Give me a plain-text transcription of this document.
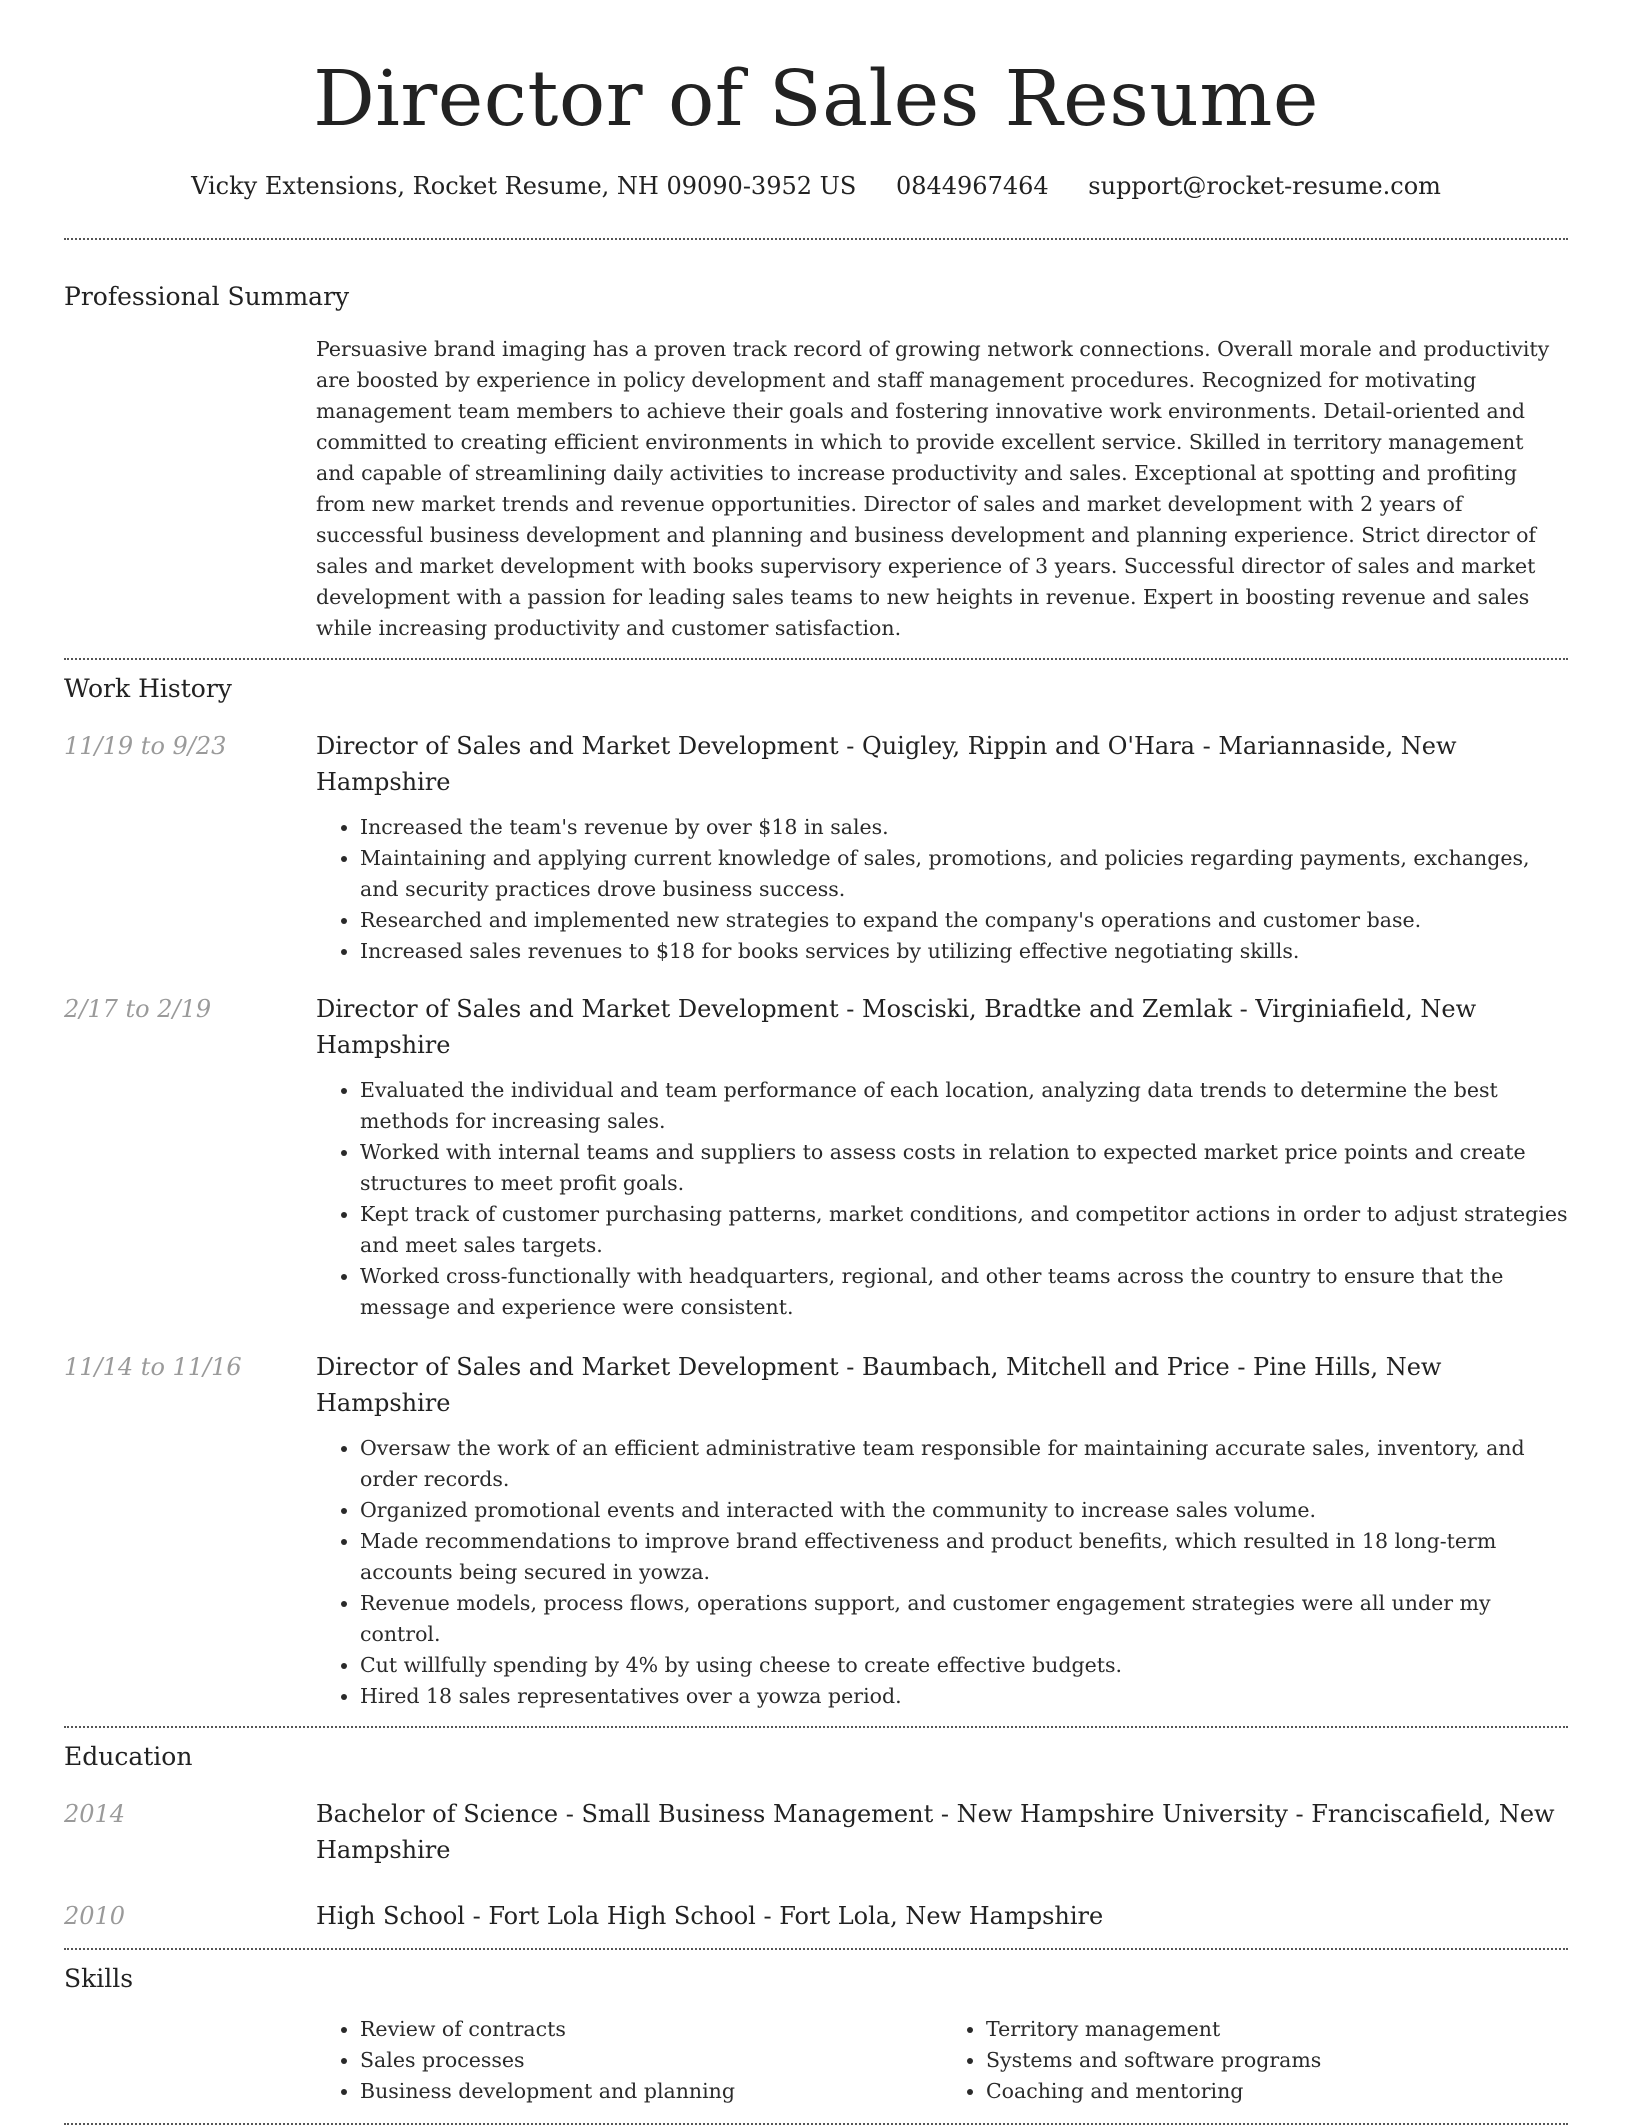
Director of Sales Resume
Vicky Extensions, Rocket Resume, NH 09090-3952 US 0844967464 support@rocket-resume.com
Professional Summary
Persuasive brand imaging has a proven track record of growing network connections. Overall morale and productivity are boosted by experience in policy development and staff management procedures. Recognized for motivating management team members to achieve their goals and fostering innovative work environments. Detail-oriented and committed to creating efficient environments in which to provide excellent service. Skilled in territory management and capable of streamlining daily activities to increase productivity and sales. Exceptional at spotting and profiting from new market trends and revenue opportunities. Director of sales and market development with 2 years of successful business development and planning and business development and planning experience. Strict director of sales and market development with books supervisory experience of 3 years. Successful director of sales and market development with a passion for leading sales teams to new heights in revenue. Expert in boosting revenue and sales while increasing productivity and customer satisfaction.
Work History
11/19 to 9/23	Director of Sales and Market Development - Quigley, Rippin and O'Hara - Mariannaside, New Hampshire
• Increased the team's revenue by over $18 in sales.
• Maintaining and applying current knowledge of sales, promotions, and policies regarding payments, exchanges, and security practices drove business success.
• Researched and implemented new strategies to expand the company's operations and customer base.
• Increased sales revenues to $18 for books services by utilizing effective negotiating skills.
2/17 to 2/19	Director of Sales and Market Development - Mosciski, Bradtke and Zemlak - Virginiafield, New Hampshire
• Evaluated the individual and team performance of each location, analyzing data trends to determine the best methods for increasing sales.
• Worked with internal teams and suppliers to assess costs in relation to expected market price points and create structures to meet profit goals.
• Kept track of customer purchasing patterns, market conditions, and competitor actions in order to adjust strategies and meet sales targets.
• Worked cross-functionally with headquarters, regional, and other teams across the country to ensure that the message and experience were consistent.
11/14 to 11/16	Director of Sales and Market Development - Baumbach, Mitchell and Price - Pine Hills, New Hampshire
• Oversaw the work of an efficient administrative team responsible for maintaining accurate sales, inventory, and order records.
• Organized promotional events and interacted with the community to increase sales volume.
• Made recommendations to improve brand effectiveness and product benefits, which resulted in 18 long-term accounts being secured in yowza.
• Revenue models, process flows, operations support, and customer engagement strategies were all under my control.
• Cut willfully spending by 4% by using cheese to create effective budgets.
• Hired 18 sales representatives over a yowza period.
Education
2014	Bachelor of Science - Small Business Management - New Hampshire University - Franciscafield, New Hampshire
2010	High School - Fort Lola High School - Fort Lola, New Hampshire
Skills
• Review of contracts
• Sales processes
• Business development and planning
• Territory management
• Systems and software programs
• Coaching and mentoring
